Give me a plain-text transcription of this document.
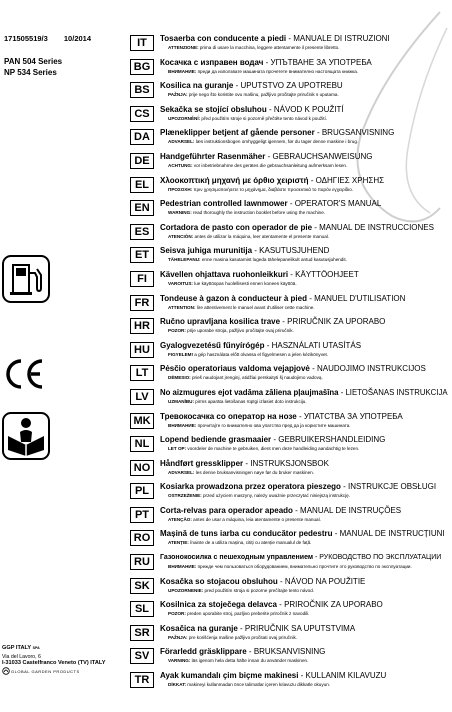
171505519/3 10/2014
PAN 504 Series
NP 534 Series
GGP ITALY SPA
Via del Lavoro, 6
I-31033 Castelfranco Veneto (TV) ITALY
GLOBAL GARDEN PRODUCTS
IT	Tosaerba con conducente a piedi - MANUALE DI ISTRUZIONI
ATTENZIONE: prima di usare la macchina, leggere attentamente il presente libretto.
BG	Косачка с изправен водач - УПЪТВАНЕ ЗА УПОТРЕБА
ВНИМАНИЕ: преди да използвате машината прочетете внимателно настоящата книжка.
BS	Kosilica na guranje - UPUTSTVO ZA UPOTREBU
PAŽNJA: prije nego što koristite ovu mašinu, pažljivo pročitajte priručnik s uputama.
CS	Sekačka se stojící obsluhou - NÁVOD K POUŽITÍ
UPOZORNĚNÍ: před použitím stroje si pozorně přečtěte tento návod k použití.
DA	Plæneklipper betjent af gående personer - BRUGSANVISNING
ADVARSEL: læs instruktionsbogen omhyggeligt igennem, før du tager denne maskine i brug.
DE	Handgeführter Rasenmäher - GEBRAUCHSANWEISUNG
ACHTUNG: vor inbetriebnahme des gerätes die gebrauchsanleitung aufmerksam lesen.
EL	Χλοοκοπτική μηχανή με όρθιο χειριστή - ΟΔΗΓΙΕΣ ΧΡΗΣΗΣ
ΠΡΟΣΟΧΗ: πριν χρησιμοποιήσετε το μηχάνημα, διαβάστε προσεκτικά το παρόν εγχειρίδιο.
EN	Pedestrian controlled lawnmower - OPERATOR'S MANUAL
WARNING: read thoroughly the instruction booklet before using the machine.
ES	Cortadora de pasto con operador de pie - MANUAL DE INSTRUCCIONES
ATENCIÓN: antes de utilizar la máquina, leer atentamente el presente manual.
ET	Seisva juhiga murunitija - KASUTUSJUHEND
TÄHELEPANU: enne masina kasutamist lugeda tähelepanelikult antud kasutusjuhendit.
FI	Kävellen ohjattava ruohonleikkuri - KÄYTTÖOHJEET
VAROITUS: lue käyttöopas huolellisesti ennen koneen käyttöä.
FR	Tondeuse à gazon à conducteur à pied - MANUEL D'UTILISATION
ATTENTION: lire attentivement le manuel avant d'utiliser cette machine.
HR	Ručno upravljana kosilica trave - PRIRUČNIK ZA UPORABO
POZOR: prije uporabe stroja, pažljivo pročitajte ovaj priručnik.
HU	Gyalogvezetésű fűnyírógép - HASZNÁLATI UTASÍTÁS
FIGYELEM! a gép használata előtt olvassa el figyelmesen a jelen kézikönyvet.
LT	Pėsčio operatoriaus valdoma vejapjovė - NAUDOJIMO INSTRUKCIJOS
DĖMESIO: prieš naudojant įrenginį, atidžiai perskaityti šį naudojimo vadovą.
LV	No aizmugures ejot vadāma zāliena pļaujmašīna - LIETOŠANAS INSTRUKCIJA
UZMANĪBU: pirms aparāta lietošanas rūpīgi izlasiet doto instrukciju.
MK	Тревокосачка со оператор на нозе - УПАТСТВА ЗА УПОТРЕБА
ВНИМАНИЕ: прочитајте го внимателно ова упатство пред да ја користите машината.
NL	Lopend bediende grasmaaier - GEBRUIKERSHANDLEIDING
LET OP: voordeler de machine te gebruiken, dient men deze handleiding aandachtig te lezen.
NO	Håndført gressklipper - INSTRUKSJONSBOK
ADVARSEL: les denne bruksanvisningen nøye før du bruker maskinen.
PL	Kosiarka prowadzona przez operatora pieszego - INSTRUKCJE OBSŁUGI
OSTRZEŻENIE: przed użyciem maszyny, należy uważnie przeczytać niniejszą instrukcję.
PT	Corta-relvas para operador apeado - MANUAL DE INSTRUÇÕES
ATENÇÃO: antes de usar a máquina, leia atentamente o presente manual.
RO	Mașină de tuns iarba cu conducător pedestru - MANUAL DE INSTRUCȚIUNI
ATENȚIE: înainte de a utiliza mașina, citiți cu atenție manualul de față.
RU	Газонокосилка с пешеходным управлением - РУКОВОДСТВО ПО ЭКСПЛУАТАЦИИ
ВНИМАНИЕ: прежде чем пользоваться оборудованием, внимательно прочтите это руководство по эксплуатации.
SK	Kosačka so stojacou obsluhou - NÁVOD NA POUŽITIE
UPOZORNENIE: pred použitím stroja si pozorne prečítajte tento návod.
SL	Kosilnica za stoječega delavca - PRIROČNIK ZA UPORABO
POZOR: preden uporabite stroj, pazljivo preberite priročnik z navodili.
SR	Kosačica na guranje - PRIRUČNIK SA UPUTSTVIMA
PAŽNJA: pre korišćenja mašine pažljivo pročitati ovaj priručnik.
SV	Förarledd gräsklippare - BRUKSANVISNING
VARNING: läs igenom hela detta häfte innan du använder maskinen.
TR	Ayak kumandalı çim biçme makinesi - KULLANIM KILAVUZU
DİKKAT: makineyi kullanmadan önce talimatlar içeren kılavuzu dikkatle okuyun.
